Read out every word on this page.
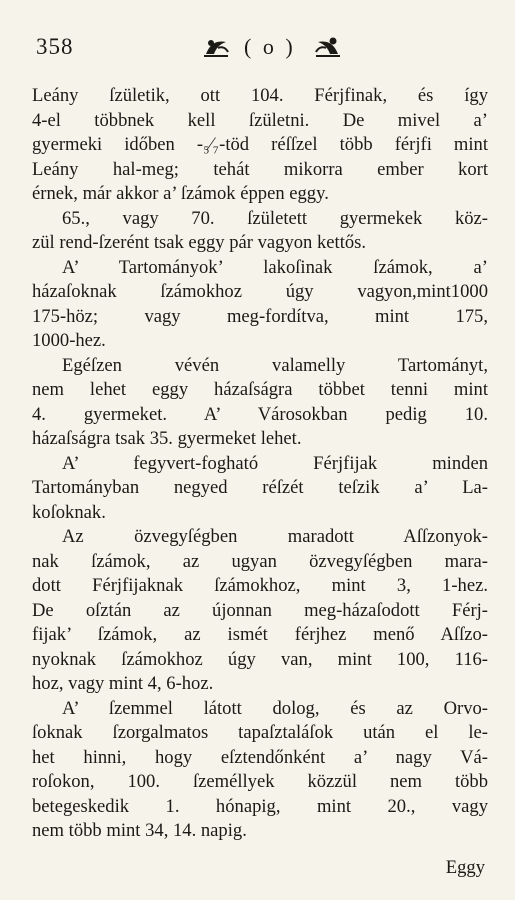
358	( o )
Leány ſzületik, ott 104. Férjfinak, és így
4-el többnek kell ſzületni. De mivel a’
gyermeki időben -₅⁄₇-töd réſſzel több férjfi mint
Leány hal-meg; tehát mikorra ember kort
érnek, már akkor a’ ſzámok éppen eggy.
65., vagy 70. ſzületett gyermekek köz-
zül rend-ſzerént tsak eggy pár vagyon kettős.
A’ Tartományok’ lakoſinak ſzámok, a’
házaſoknak ſzámokhoz úgy vagyon,mint1000
175-höz; vagy meg-fordítva, mint 175,
1000-hez.
Egéſzen vévén valamelly Tartományt,
nem lehet eggy házaſságra többet tenni mint
4. gyermeket. A’ Városokban pedig 10.
házaſságra tsak 35. gyermeket lehet.
A’ fegyvert-fogható Férjfijak minden
Tartományban negyed réſzét teſzik a’ La-
koſoknak.
Az özvegyſégben maradott Aſſzonyok-
nak ſzámok, az ugyan özvegyſégben mara-
dott Férjfijaknak ſzámokhoz, mint 3, 1-hez.
De oſztán az újonnan meg-házaſodott Férj-
fijak’ ſzámok, az ismét férjhez menő Aſſzo-
nyoknak ſzámokhoz úgy van, mint 100, 116-
hoz, vagy mint 4, 6-hoz.
A’ ſzemmel látott dolog, és az Orvo-
ſoknak ſzorgalmatos tapaſztaláſok után el le-
het hinni, hogy eſztendőnként a’ nagy Vá-
roſokon, 100. ſzeméllyek közzül nem több
betegeskedik 1. hónapig, mint 20., vagy
nem több mint 34, 14. napig.
Eggy
